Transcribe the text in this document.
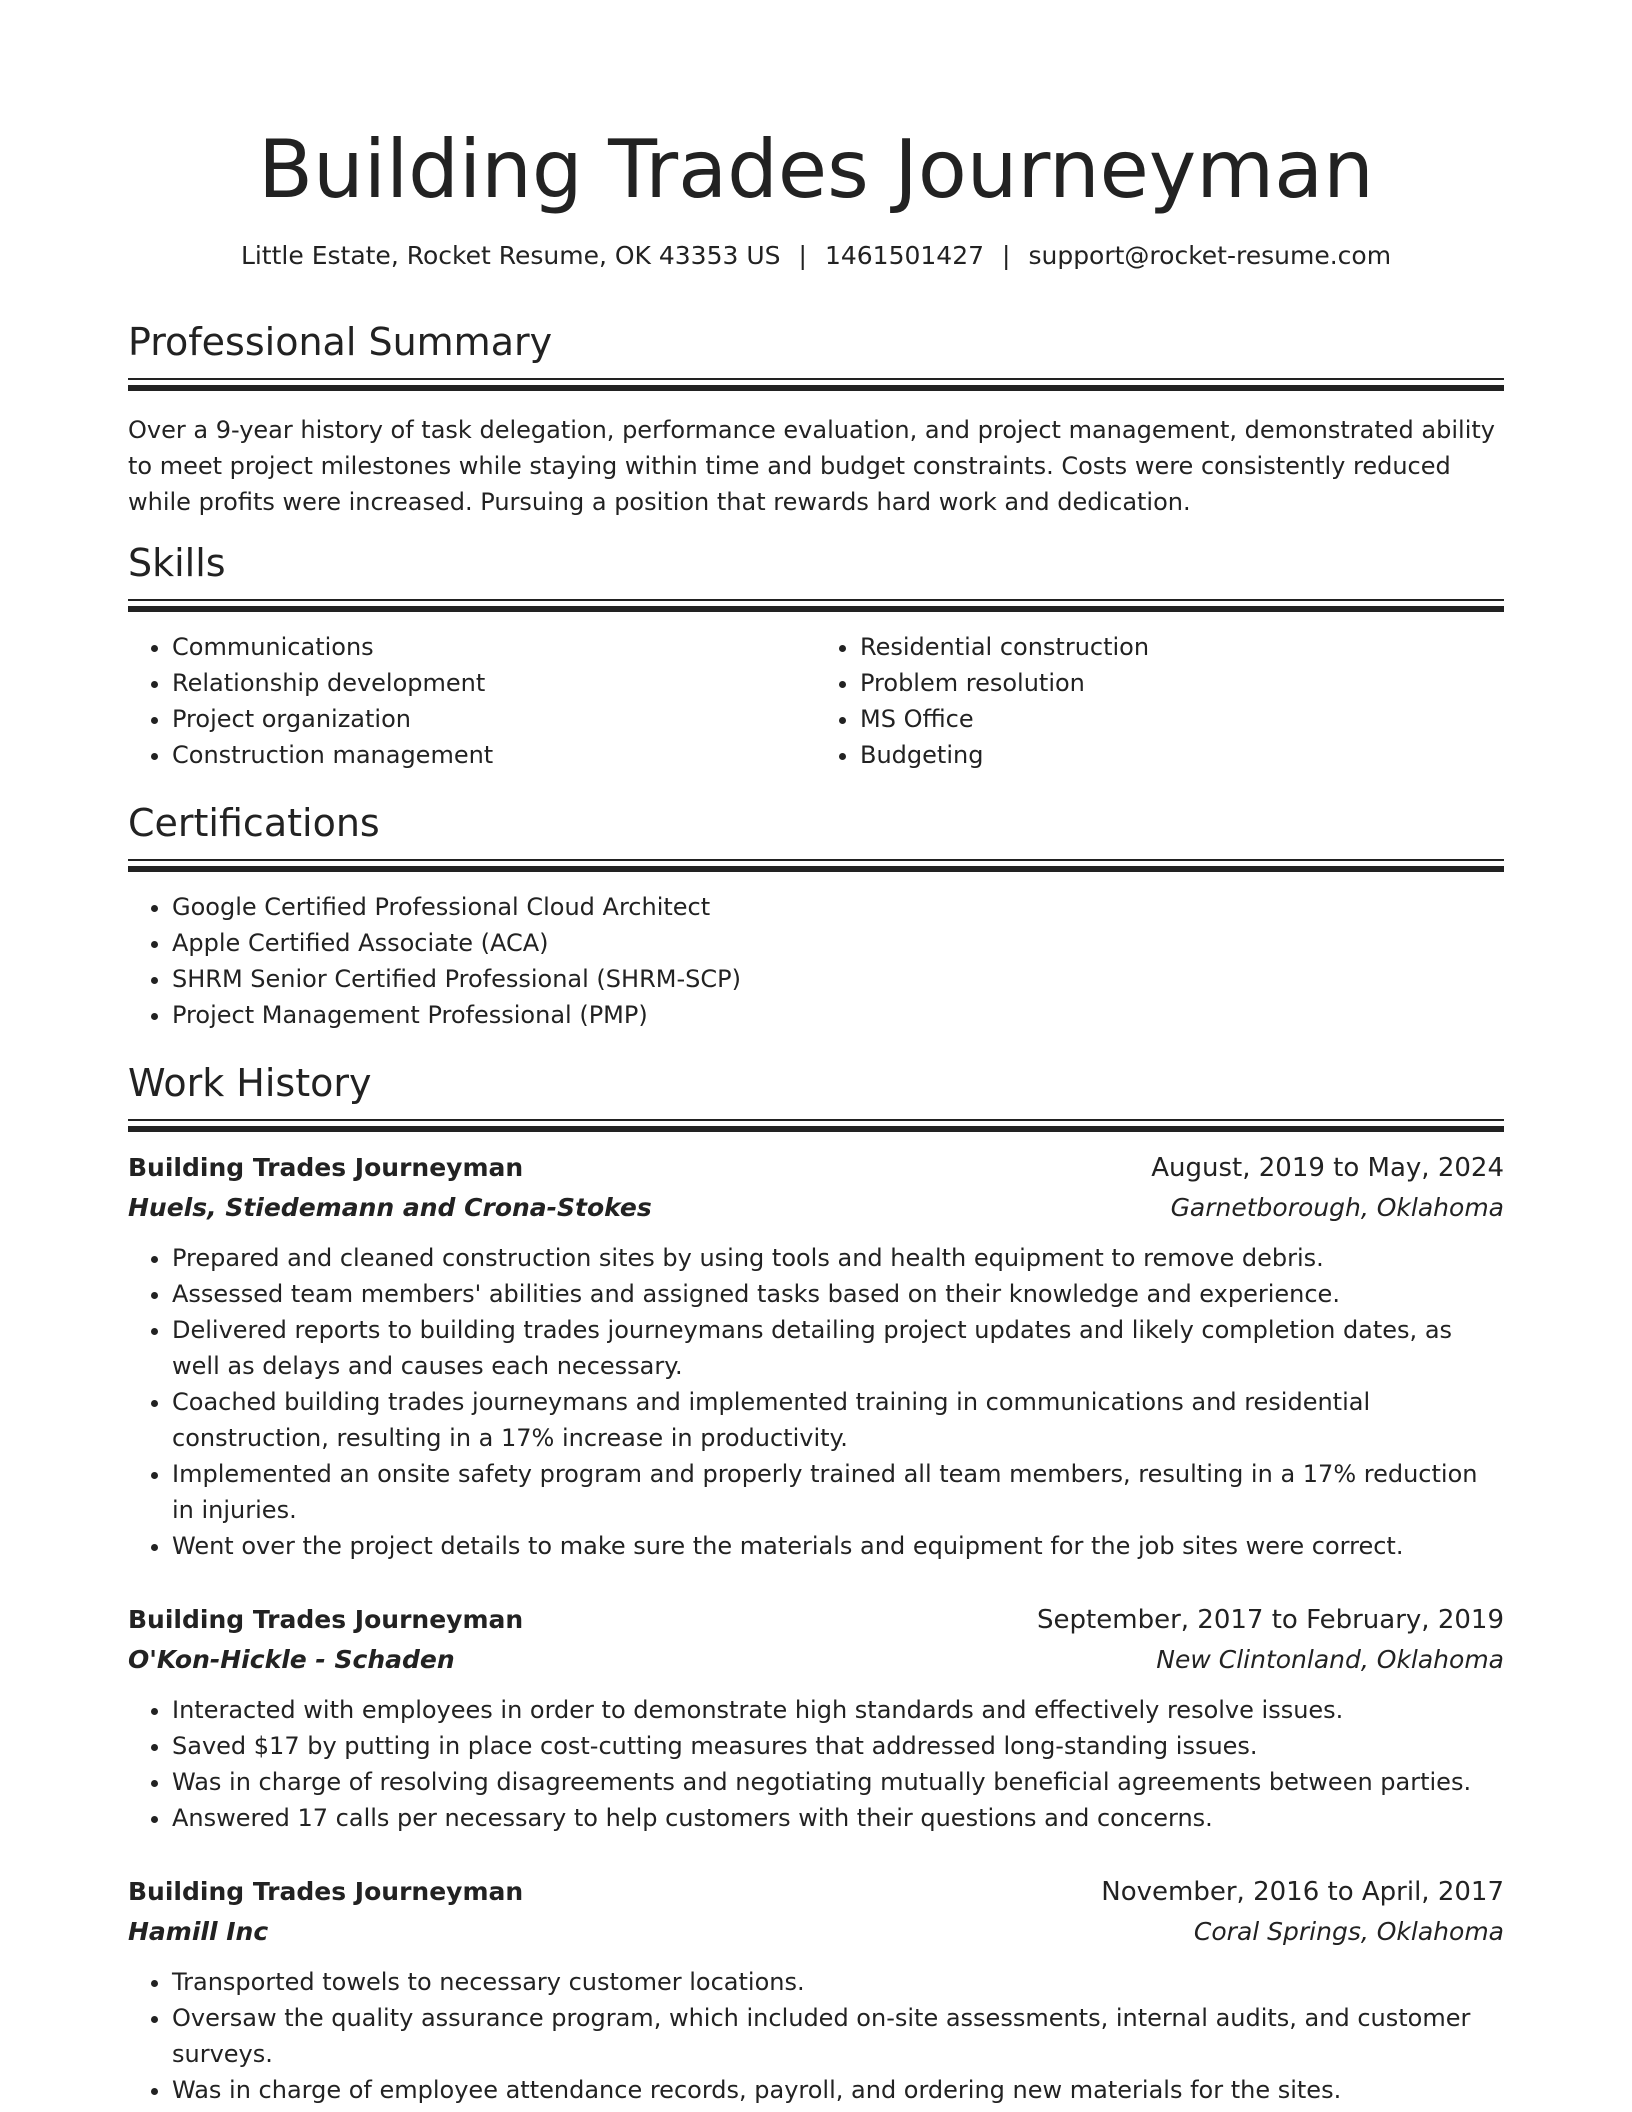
Building Trades Journeyman
Little Estate, Rocket Resume, OK 43353 US | 1461501427 | support@rocket-resume.com
Professional Summary

Over a 9-year history of task delegation, performance evaluation, and project management, demonstrated ability to meet project milestones while staying within time and budget constraints. Costs were consistently reduced while profits were increased. Pursuing a position that rewards hard work and dedication.

Skills
• Communications
• Relationship development
• Project organization
• Construction management
• Residential construction
• Problem resolution
• MS Office
• Budgeting
Certifications
• Google Certified Professional Cloud Architect
• Apple Certified Associate (ACA)
• SHRM Senior Certified Professional (SHRM-SCP)
• Project Management Professional (PMP)
Work History
Building Trades Journeyman	August, 2019 to May, 2024
Huels, Stiedemann and Crona-Stokes	Garnetborough, Oklahoma
• Prepared and cleaned construction sites by using tools and health equipment to remove debris.
• Assessed team members' abilities and assigned tasks based on their knowledge and experience.
• Delivered reports to building trades journeymans detailing project updates and likely completion dates, as well as delays and causes each necessary.
• Coached building trades journeymans and implemented training in communications and residential construction, resulting in a 17% increase in productivity.
• Implemented an onsite safety program and properly trained all team members, resulting in a 17% reduction in injuries.
• Went over the project details to make sure the materials and equipment for the job sites were correct.
Building Trades Journeyman	September, 2017 to February, 2019
O'Kon-Hickle - Schaden	New Clintonland, Oklahoma
• Interacted with employees in order to demonstrate high standards and effectively resolve issues.
• Saved $17 by putting in place cost-cutting measures that addressed long-standing issues.
• Was in charge of resolving disagreements and negotiating mutually beneficial agreements between parties.
• Answered 17 calls per necessary to help customers with their questions and concerns.
Building Trades Journeyman	November, 2016 to April, 2017
Hamill Inc	Coral Springs, Oklahoma
• Transported towels to necessary customer locations.
• Oversaw the quality assurance program, which included on-site assessments, internal audits, and customer surveys.
• Was in charge of employee attendance records, payroll, and ordering new materials for the sites.
